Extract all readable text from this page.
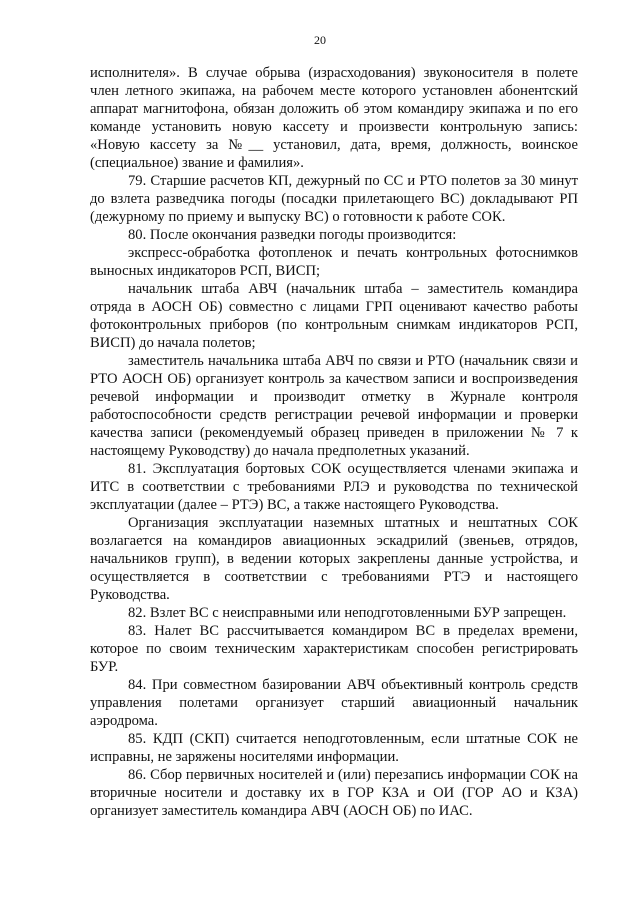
20

исполнителя». В случае обрыва (израсходования) звуконосителя в полете член летного экипажа, на рабочем месте которого установлен абонентский аппарат магнитофона, обязан доложить об этом командиру экипажа и по его команде установить новую кассету и произвести контрольную запись: «Новую кассету за №__ установил, дата, время, должность, воинское (специальное) звание и фамилия».

79. Старшие расчетов КП, дежурный по СС и РТО полетов за 30 минут до взлета разведчика погоды (посадки прилетающего ВС) докладывают РП (дежурному по приему и выпуску ВС) о готовности к работе СОК.

80. После окончания разведки погоды производится:

экспресс-обработка фотопленок и печать контрольных фотоснимков выносных индикаторов РСП, ВИСП;

начальник штаба АВЧ (начальник штаба – заместитель командира отряда в АОСН ОБ) совместно с лицами ГРП оценивают качество работы фотоконтрольных приборов (по контрольным снимкам индикаторов РСП, ВИСП) до начала полетов;

заместитель начальника штаба АВЧ по связи и РТО (начальник связи и РТО АОСН ОБ) организует контроль за качеством записи и воспроизведения речевой информации и производит отметку в Журнале контроля работоспособности средств регистрации речевой информации и проверки качества записи (рекомендуемый образец приведен в приложении № 7 к настоящему Руководству) до начала предполетных указаний.

81. Эксплуатация бортовых СОК осуществляется членами экипажа и ИТС в соответствии с требованиями РЛЭ и руководства по технической эксплуатации (далее – РТЭ) ВС, а также настоящего Руководства.

Организация эксплуатации наземных штатных и нештатных СОК возлагается на командиров авиационных эскадрилий (звеньев, отрядов, начальников групп), в ведении которых закреплены данные устройства, и осуществляется в соответствии с требованиями РТЭ и настоящего Руководства.

82. Взлет ВС с неисправными или неподготовленными БУР запрещен.

83. Налет ВС рассчитывается командиром ВС в пределах времени, которое по своим техническим характеристикам способен регистрировать БУР.

84. При совместном базировании АВЧ объективный контроль средств управления полетами организует старший авиационный начальник аэродрома.

85. КДП (СКП) считается неподготовленным, если штатные СОК не исправны, не заряжены носителями информации.

86. Сбор первичных носителей и (или) перезапись информации СОК на вторичные носители и доставку их в ГОР КЗА и ОИ (ГОР АО и КЗА) организует заместитель командира АВЧ (АОСН ОБ) по ИАС.
